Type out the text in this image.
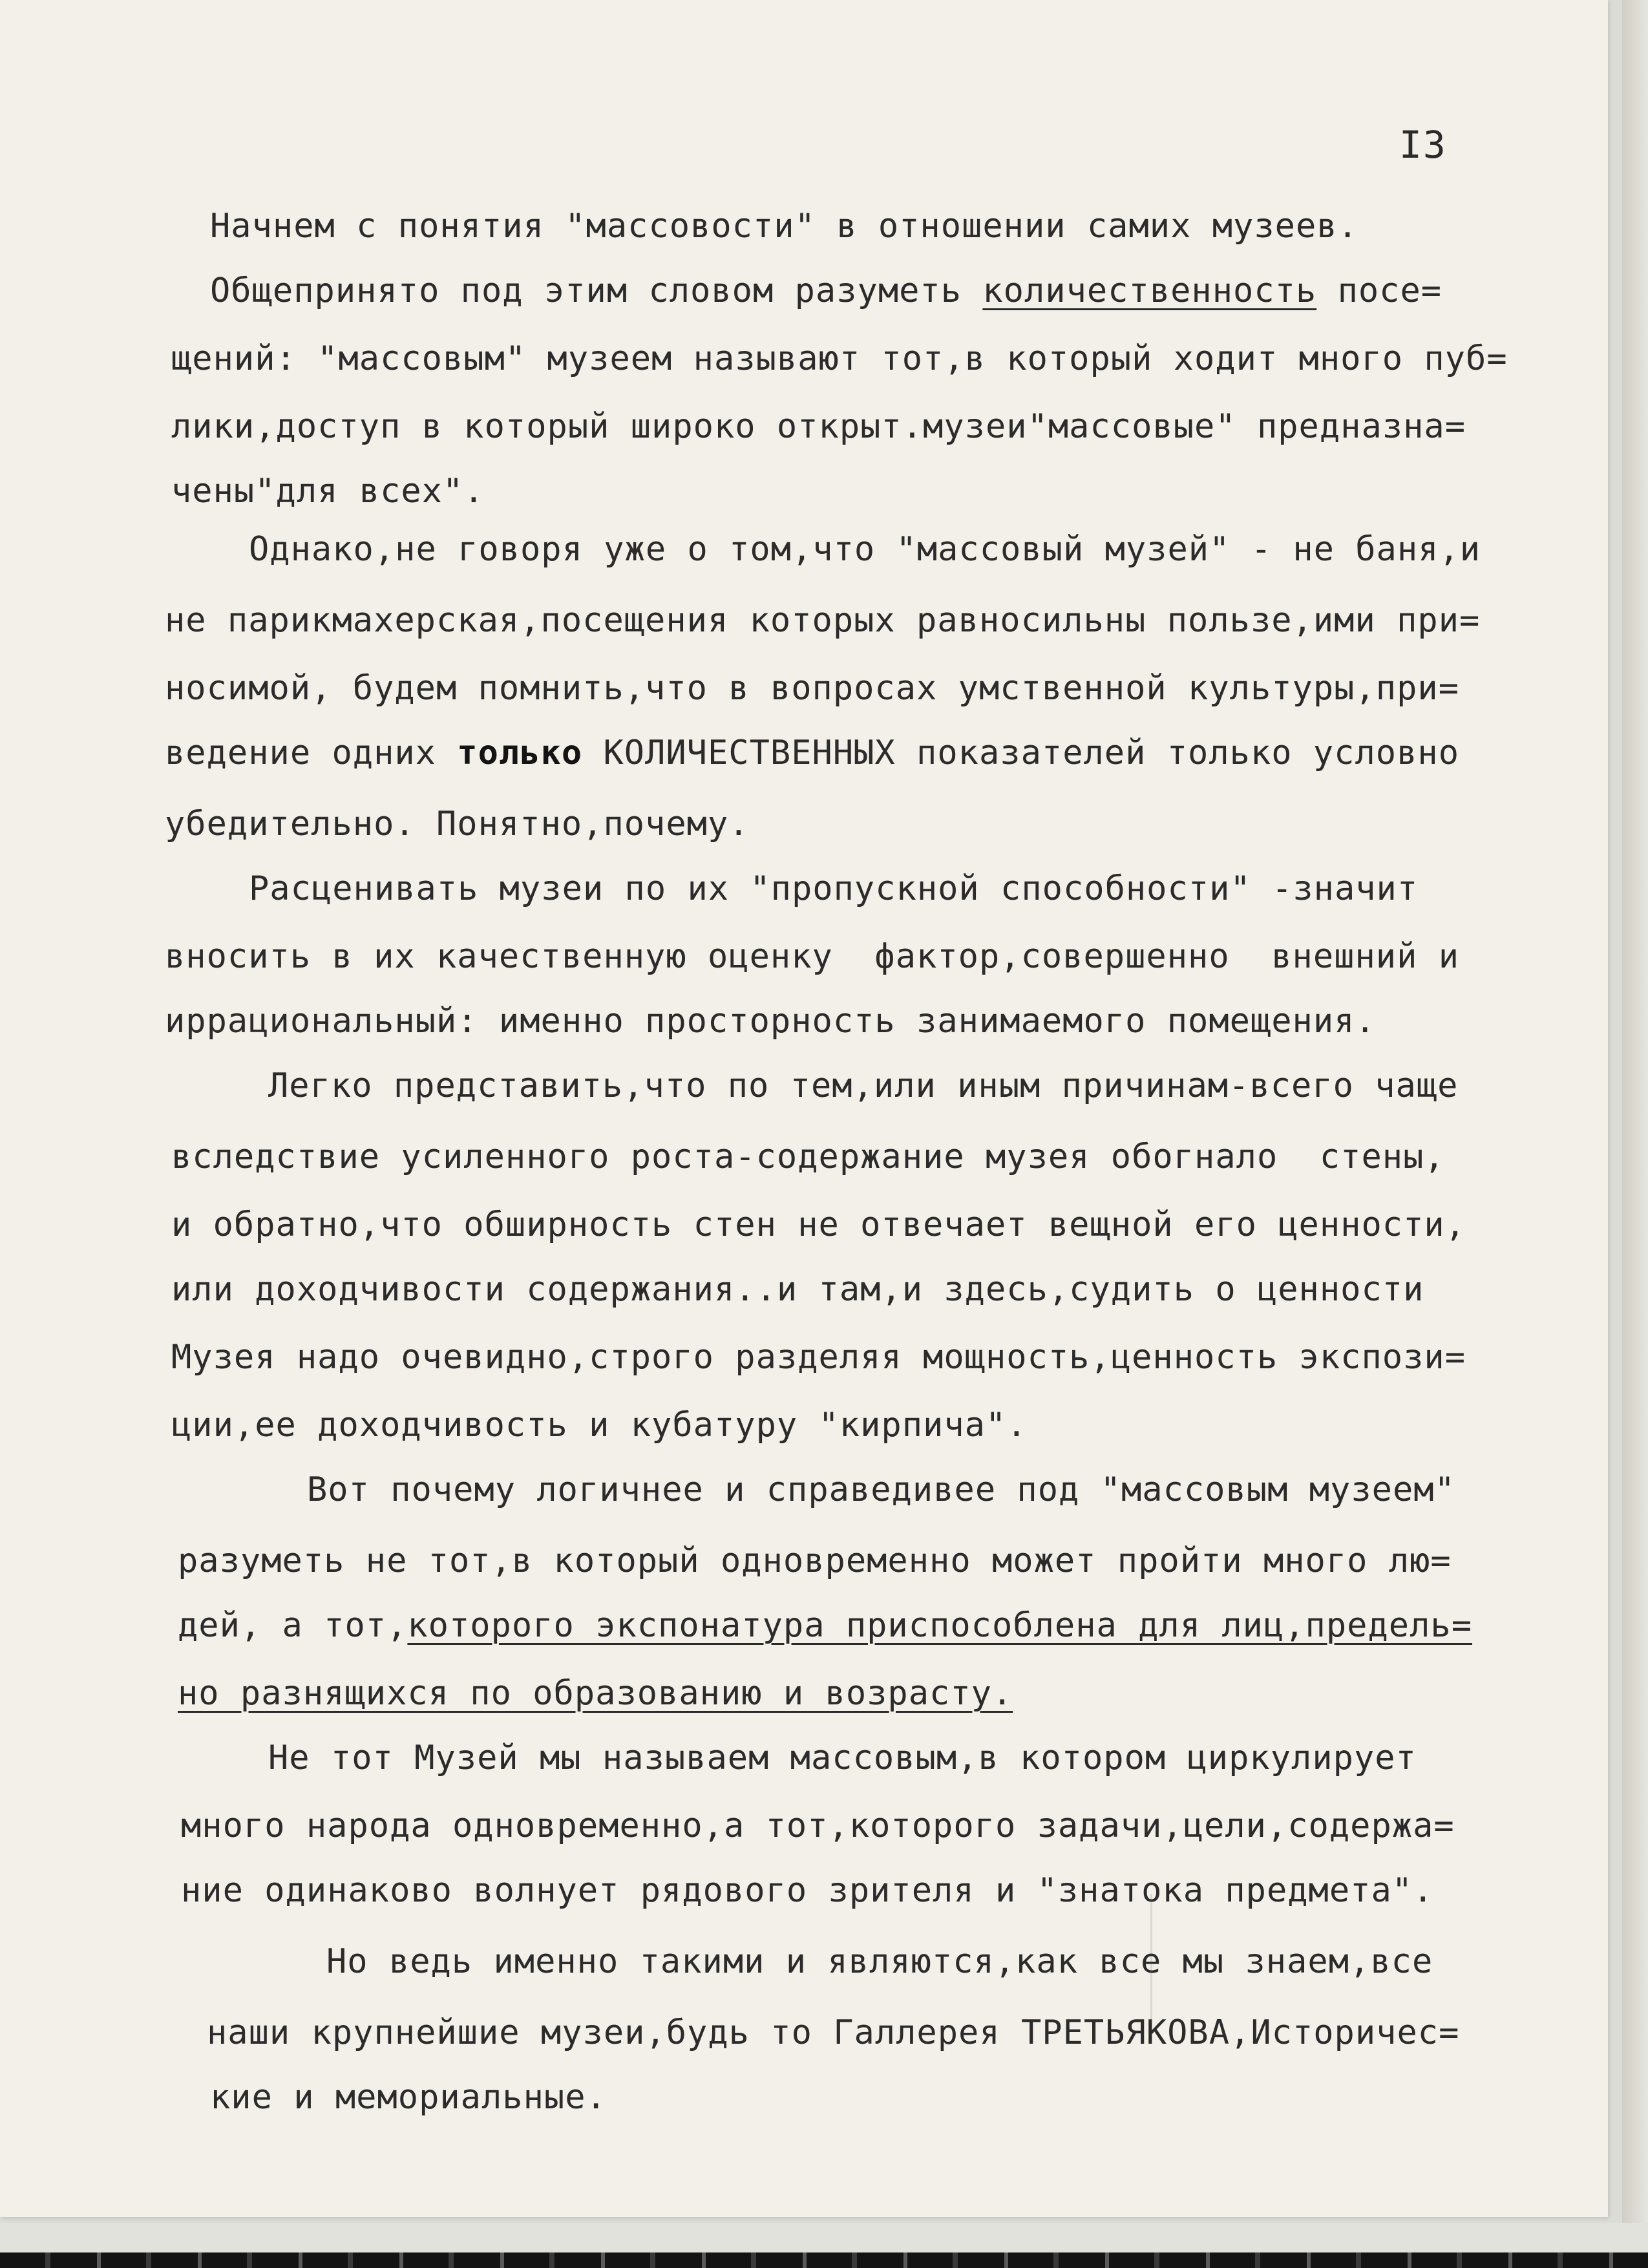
I3
Начнем с понятия "массовости" в отношении самих музеев.
Общепринято под этим словом разуметь количественность посе=
щений: "массовым" музеем называют тот,в который ходит много пуб=
лики,доступ в который широко открыт.музеи"массовые" предназна=
чены"для всех".
Однако,не говоря уже о том,что "массовый музей" - не баня,и
не парикмахерская,посещения которых равносильны пользе,ими при=
носимой, будем помнить,что в вопросах умственной культуры,при=
ведение одних только КОЛИЧЕСТВЕННЫХ показателей только условно
убедительно. Понятно,почему.
Расценивать музеи по их "пропускной способности" -значит
вносить в их качественную оценку  фактор,совершенно  внешний и
иррациональный: именно просторность занимаемого помещения.
Легко представить,что по тем,или иным причинам-всего чаще
вследствие усиленного роста-содержание музея обогнало  стены,
и обратно,что обширность стен не отвечает вещной его ценности,
или доходчивости содержания..и там,и здесь,судить о ценности
Музея надо очевидно,строго разделяя мощность,ценность экспози=
ции,ее доходчивость и кубатуру "кирпича".
Вот почему логичнее и справедивее под "массовым музеем"
разуметь не тот,в который одновременно может пройти много лю=
дей, а тот,которого экспонатура приспособлена для лиц,предель=
но разнящихся по образованию и возрасту.
Не тот Музей мы называем массовым,в котором циркулирует
много народа одновременно,а тот,которого задачи,цели,содержа=
ние одинаково волнует рядового зрителя и "знатока предмета".
Но ведь именно такими и являются,как все мы знаем,все
наши крупнейшие музеи,будь то Галлерея ТРЕТЬЯКОВА,Историчес=
кие и мемориальные.
